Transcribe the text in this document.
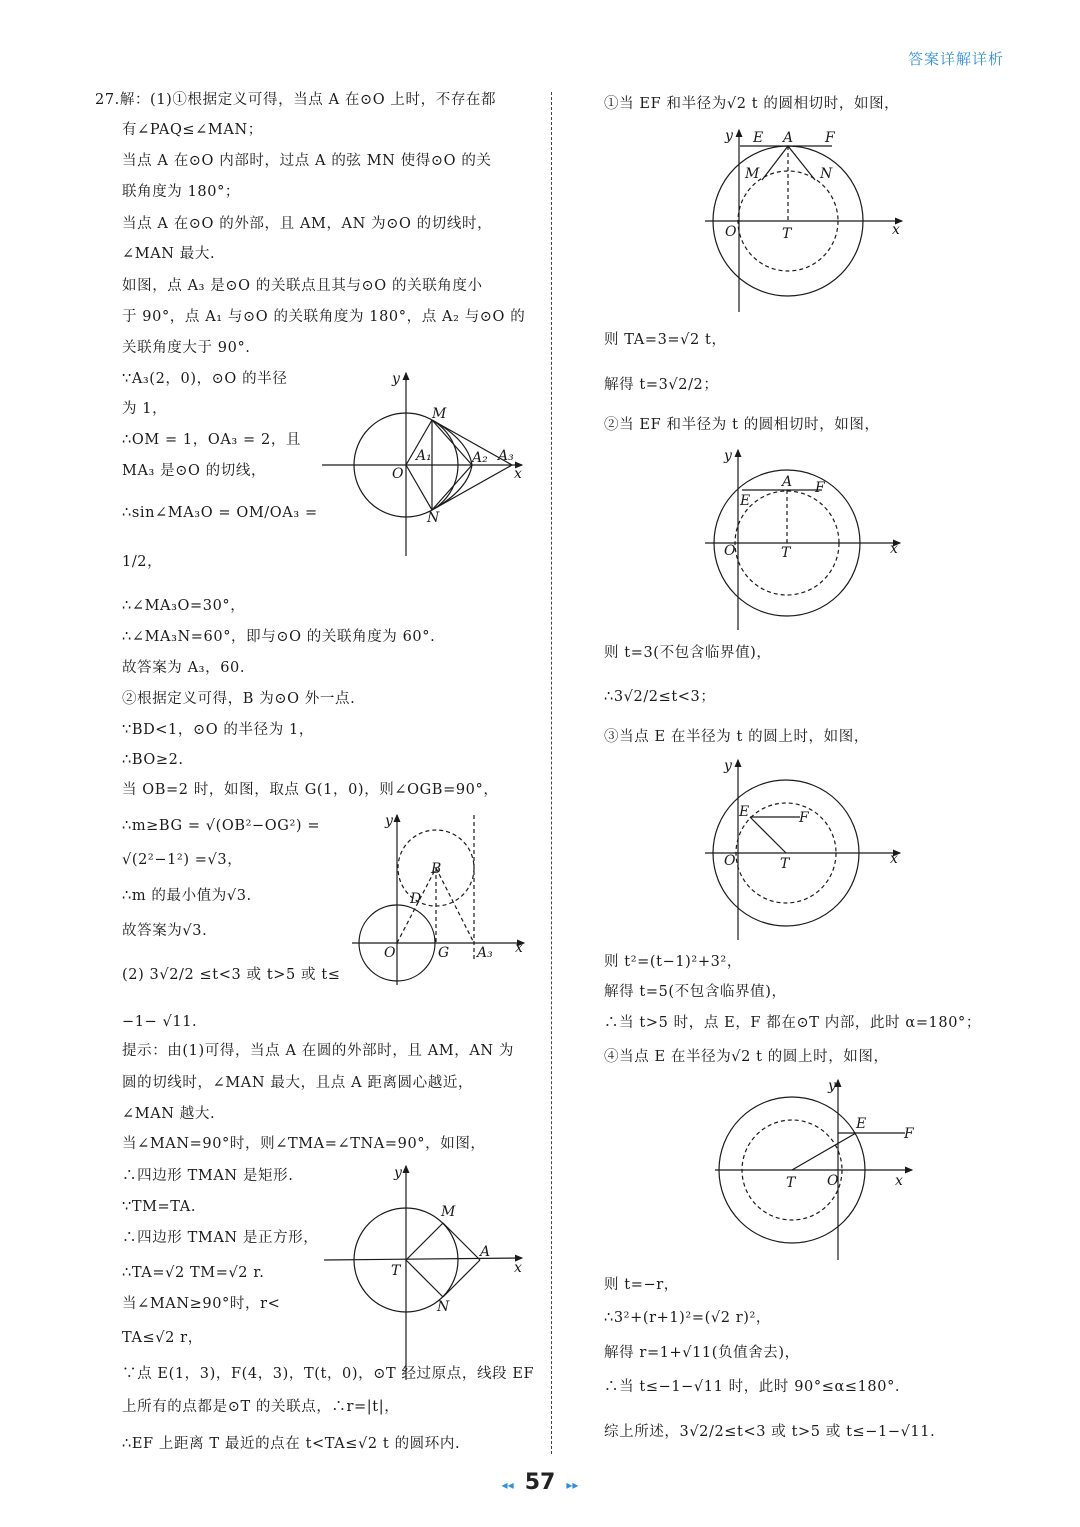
答案详解详析
27.解：(1)①根据定义可得，当点 A 在⊙O 上时，不存在都
有∠PAQ≤∠MAN；
当点 A 在⊙O 内部时，过点 A 的弦 MN 使得⊙O 的关
联角度为 180°；
当点 A 在⊙O 的外部，且 AM，AN 为⊙O 的切线时，
∠MAN 最大.
如图，点 A₃ 是⊙O 的关联点且其与⊙O 的关联角度小
于 90°，点 A₁ 与⊙O 的关联角度为 180°，点 A₂ 与⊙O 的
关联角度大于 90°.
∵A₃(2，0)，⊙O 的半径
为 1，
∴OM = 1，OA₃ = 2，且
MA₃ 是⊙O 的切线，
∴sin∠MA₃O = OM/OA₃ =
1/2，
∴∠MA₃O=30°，
∴∠MA₃N=60°，即与⊙O 的关联角度为 60°.
故答案为 A₃，60.
②根据定义可得，B 为⊙O 外一点.
∵BD<1，⊙O 的半径为 1，
∴BO≥2.
当 OB=2 时，如图，取点 G(1，0)，则∠OGB=90°，
∴m≥BG = √(OB²−OG²) =
√(2²−1²) =√3，
∴m 的最小值为√3.
故答案为√3.
(2) 3√2/2 ≤t<3 或 t>5 或 t≤
−1− √11.
提示：由(1)可得，当点 A 在圆的外部时，且 AM，AN 为
圆的切线时，∠MAN 最大，且点 A 距离圆心越近，
∠MAN 越大.
当∠MAN=90°时，则∠TMA=∠TNA=90°，如图，
∴四边形 TMAN 是矩形.
∵TM=TA.
∴四边形 TMAN 是正方形，
∴TA=√2 TM=√2 r.
当∠MAN≥90°时，r<
TA≤√2 r，
∵点 E(1，3)，F(4，3)，T(t，0)，⊙T 经过原点，线段 EF
上所有的点都是⊙T 的关联点，∴r=|t|，
∴EF 上距离 T 最近的点在 t<TA≤√2 t 的圆环内.
①当 EF 和半径为√2 t 的圆相切时，如图，
则 TA=3=√2 t，
解得 t=3√2/2；
②当 EF 和半径为 t 的圆相切时，如图，
则 t=3(不包含临界值)，
∴3√2/2≤t<3；
③当点 E 在半径为 t 的圆上时，如图，
则 t²=(t−1)²+3²，
解得 t=5(不包含临界值)，
∴当 t>5 时，点 E，F 都在⊙T 内部，此时 α=180°；
④当点 E 在半径为√2 t 的圆上时，如图，
则 t=−r，
∴3²+(r+1)²=(√2 r)²，
解得 r=1+√11(负值舍去)，
∴当 t≤−1−√11 时，此时 90°≤α≤180°.
综上所述，3√2/2≤t<3 或 t>5 或 t≤−1−√11.
y
x
O
M
N
A₁	A₂ A₃
y
x
O
B
D
G A₃
y
x
T
M
N
A
y
x
O	T
E A F
M	N
y
x
O	T
E
A F
y
x
O	T
E	F
y
x
O
T
E
F
◂◂ 57 ▸▸
